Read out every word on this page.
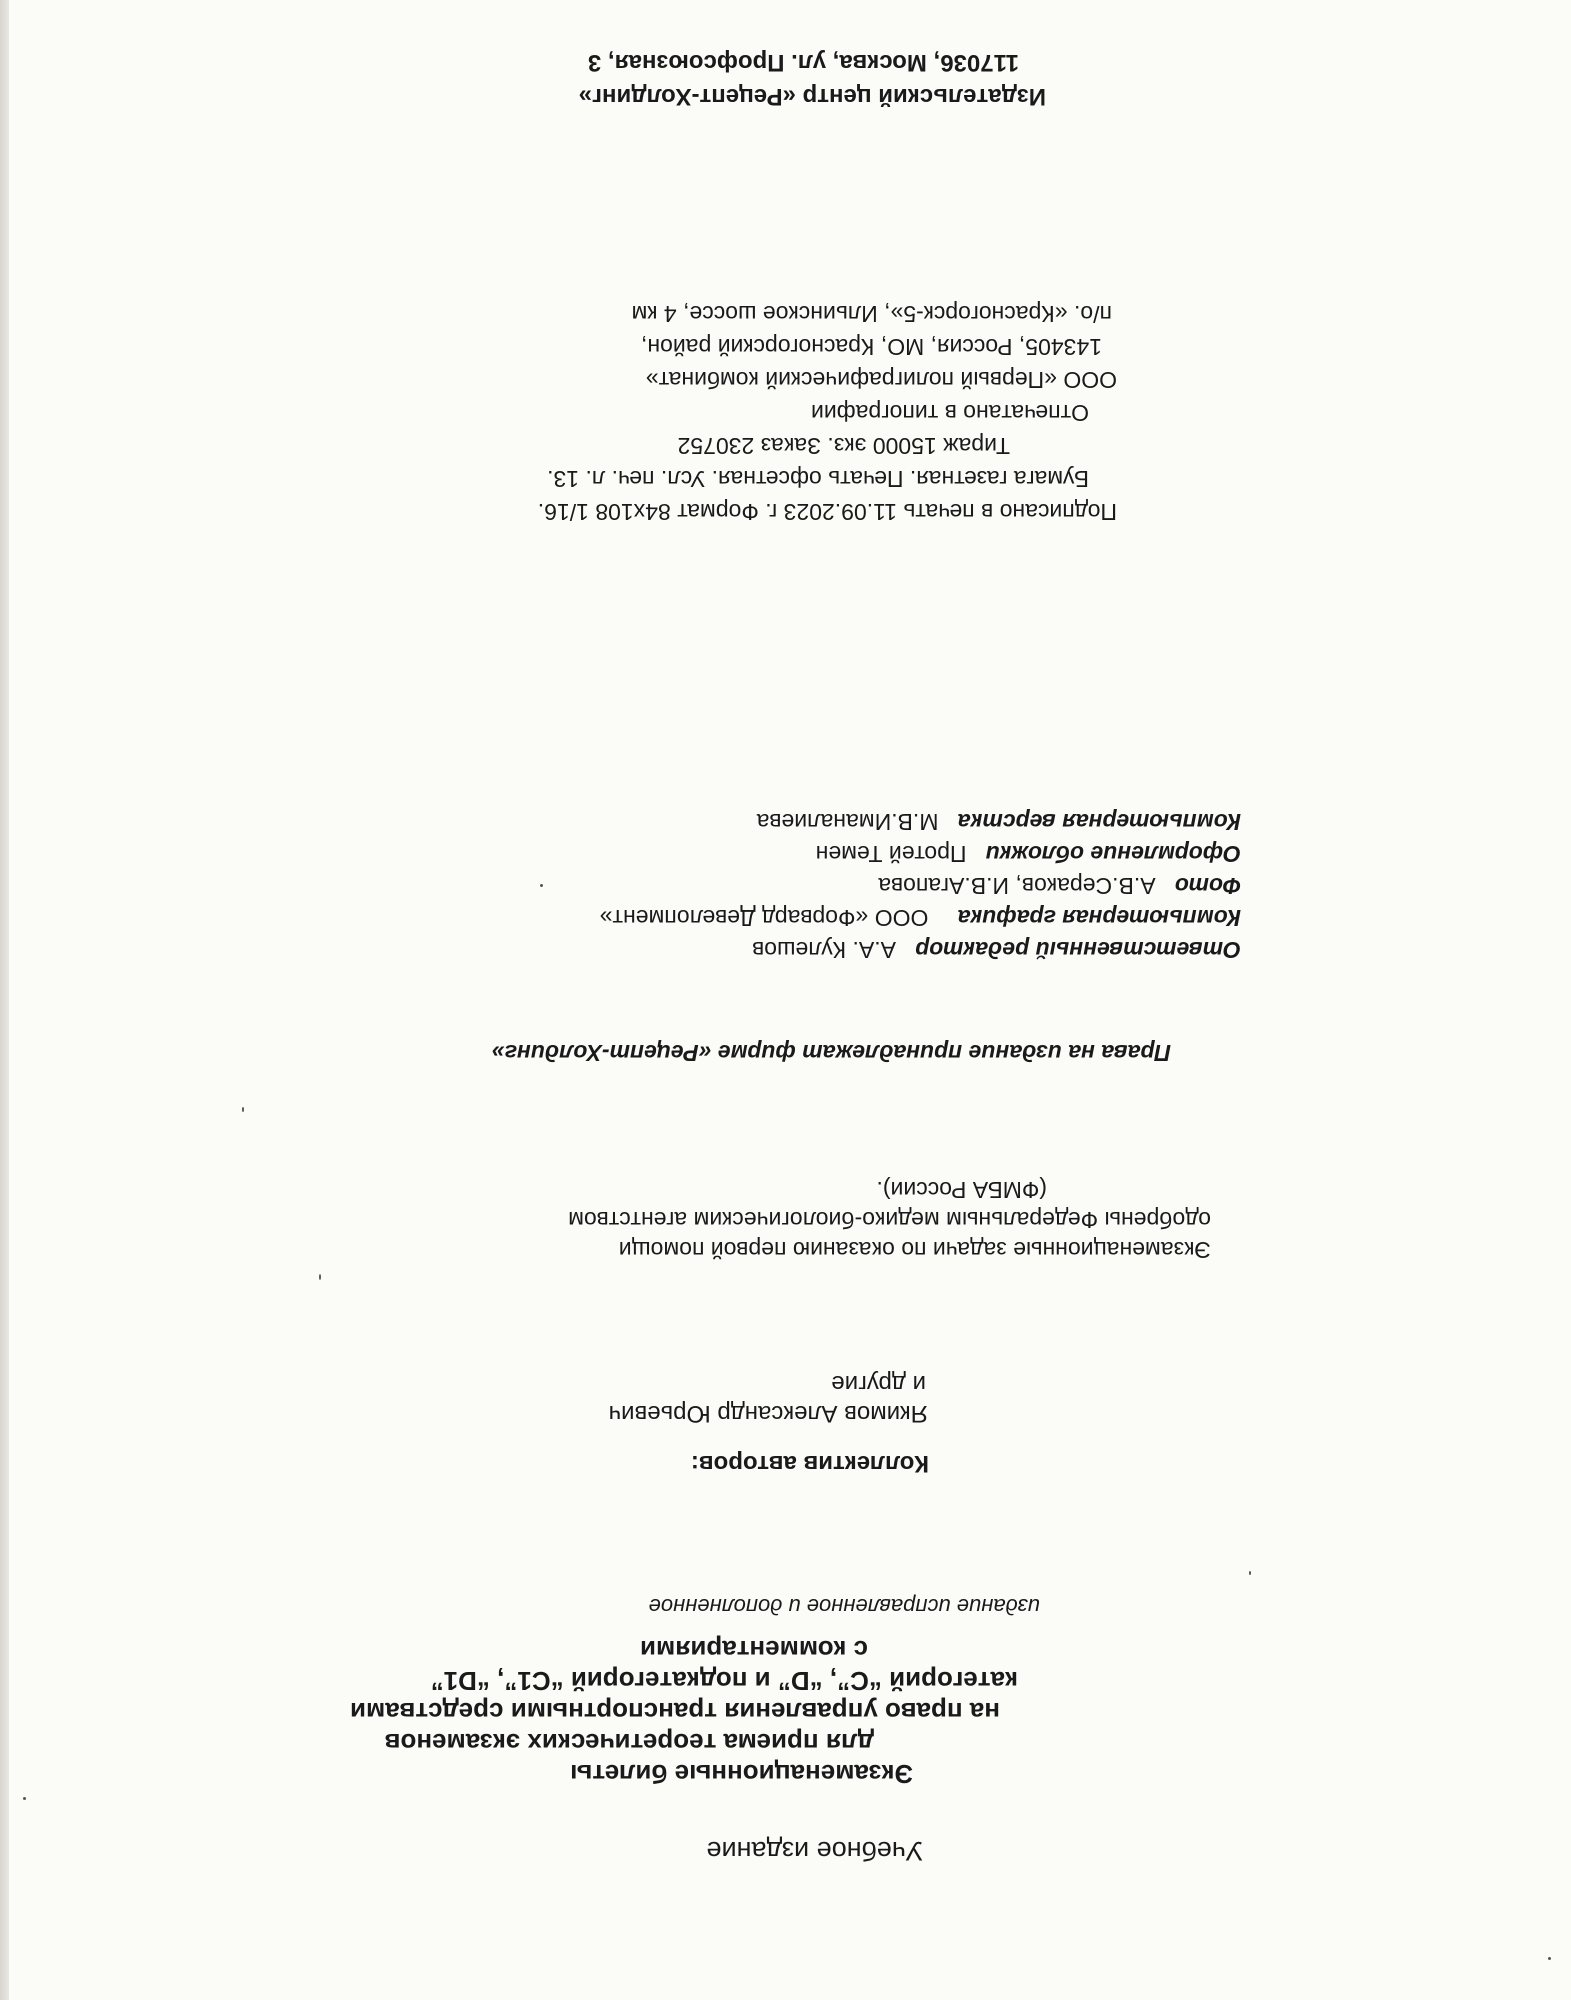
Учебное издание
Экзаменационные билеты
для приема теоретических экзаменов
на право управления транспортными средствами
категорий “С”, “D” и подкатегорий “С1”, “D1”
с комментариями
издание исправленное и дополненное
Коллектив авторов:
Якимов Александр Юрьевич
и другие
Экзаменационные задачи по оказанию первой помощи
одобрены Федеральным медико-биологическим агентством
(ФМБА России).
Права на издание принадлежат фирме «Рецепт-Холдинг»
Ответственный редактор   А.А. Кулешов
Компьютерная графика   ООО «Форвард Девелопмент»
Фото   А.В.Сераков, И.В.Агапова
Оформление обложки   Протей Темен
Компьютерная верстка   М.В.Иманалиева
Подписано в печать 11.09.2023 г. Формат 84х108 1/16.
Бумага газетная. Печать офсетная. Усл. печ. л. 13.
Тираж 15000 экз. Заказ 230752
Отпечатано в типографии
ООО «Первый полиграфический комбинат»
143405, Россия, МО, Красногорский район,
п/о. «Красногорск-5», Ильинское шоссе, 4 км
Издательский центр «Рецепт-Холдинг»
117036, Москва, ул. Профсоюзная, 3
